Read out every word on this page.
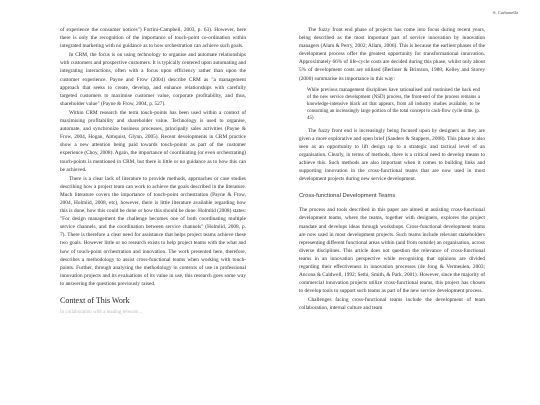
S. Carbonella

of experience the consumer notices") Fortini-Campbell, 2003, p. 63). However, here there is only the recognition of the importance of touch-point co-ordination within integrated marketing with no guidance as to how orchestration can achieve such goals.

In CRM, the focus is on using technology to organise and automate relationships with customers and prospective customers. It is typically centered upon automating and integrating interactions, often with a focus upon efficiency rather than upon the customer experience. Payne and Frow (2004) describe CRM as "a management approach that seeks to create, develop, and enhance relationships with carefully targeted customers to maximise customer value, corporate profitability, and thus, shareholder value" (Payne & Frow, 2004, p. 527).

Within CRM research the term touch-points has been used within a context of maximising profitability and shareholder value. Technology is used to organise, automate, and synchronize business processes, principally sales activities (Payne & Frow, 2004, Hogan, Almquist, Glynn, 2005). Recent developments in CRM practice show a new attention being paid towards touch-points as part of the customer experience (Choy, 2008). Again, the importance of coordinating (or even orchestrating) touch-points is mentioned in CRM, but there is little or no guidance as to how this can be achieved.

There is a clear lack of literature to provide methods, approaches or case studies describing how a project team can work to achieve the goals described in the literature. Much literature covers the importance of touch-point orchestration (Payne & Frow, 2004, Holmlid, 2008, etc), however, there is little literature available regarding how this is done, how this could be done or how this should be done. Holmlid (2008) states: "For design management the challenge becomes one of both coordinating multiple service channels, and the coordination between service channels" (Holmlid, 2008, p. 7). There is therefore a clear need for assistance that helps project teams achieve these two goals. However little or no research exists to help project teams with the what and how of touch-point orchestration and innovation. The work presented here, therefore, describes a methodology to assist cross-functional teams when working with touch-points. Further, through analysing the methodology in contexts of use in professional innovation projects and its evaluations of its value in use, this research goes some way to answering the questions previously raised.

Context of This Work
In collaboration with a leading telecom...

The fuzzy front end phase of projects has come into focus during recent years, being described as the most important part of service innovation by innovation managers (Alam & Perry, 2002; Allam, 2006). This is because the earliest phases of the development process offer the greatest opportunity for transformational innovation. Approximately 66% of life-cycle costs are decided during this phase, whilst only about 5% of development costs are utilised (Berliner & Brimson, 1988; Kelley and Storey (2000) summarise its importance in this way:

While previous management disciplines have rationalised and routinised the back end of the new service development (NSD) process, the front-end of the process remains a knowledge-intensive black art that appears, from all industry studies available, to be consuming an increasingly large portion of the total concept to cash-flow cycle time. (p. 45)

The fuzzy front end is increasingly being focused upon by designers as they are given a more explorative and open brief (Sanders & Stappers, 2008). This phase is also seen as an opportunity to lift design up to a strategic and tactical level of an organisation. Clearly, in terms of methods, there is a critical need to develop means to achieve this. Such methods are also important when it comes to building links and supporting innovation in the cross-functional teams that are now used in most development projects during new service development.

Cross-functional Development Teams

The process and tools described in this paper are aimed at assisting cross-functional development teams, where the teams, together with designers, explores the project mandate and develops ideas through workshops. Cross-functional development teams are now used in most development projects. Such teams include relevant stakeholders representing different functional areas within (and from outside) an organisation, across diverse disciplines. This article does not question the relevance of cross-functional teams in an innovation perspective while recognising that opinions are divided regarding their effectiveness in innovation processes (de Jong & Vermeulen, 2003; Ancona & Caldwell, 1992; Sethi, Smith, & Park, 2001). However, since the majority of commercial innovation projects utilize cross-functional teams, this project has chosen to develop tools to support such teams as part of the new service development process.

Challenges facing cross-functional teams include the development of team collaboration, internal culture and team
